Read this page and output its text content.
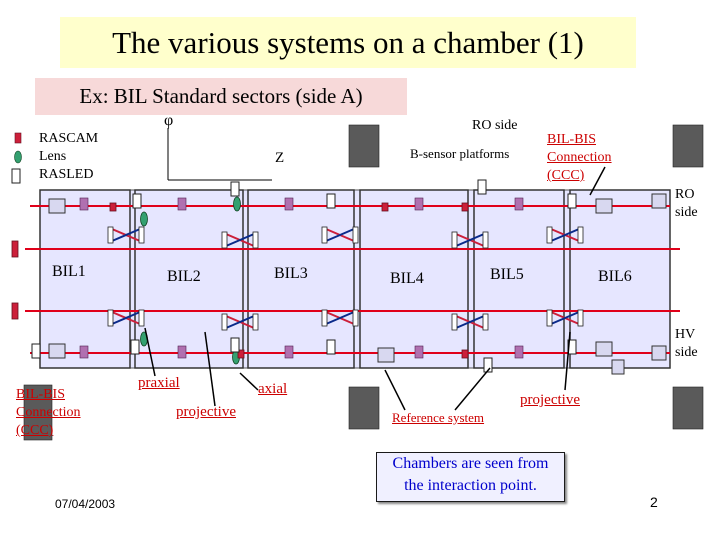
The various systems on a chamber (1)
Ex: BIL Standard sectors (side A)
RASCAM
Lens
RASLED
φ
Z
RO side
B-sensor platforms
BIL-BIS
Connection
(CCC)
RO
side
HV
side
BIL1	BIL2	BIL3	BIL4	BIL5	BIL6
BIL-BIS
Connection
(CCC)
praxial	axial
projective	Reference system
projective
Chambers are seen from
the interaction point.
07/04/2003	2
